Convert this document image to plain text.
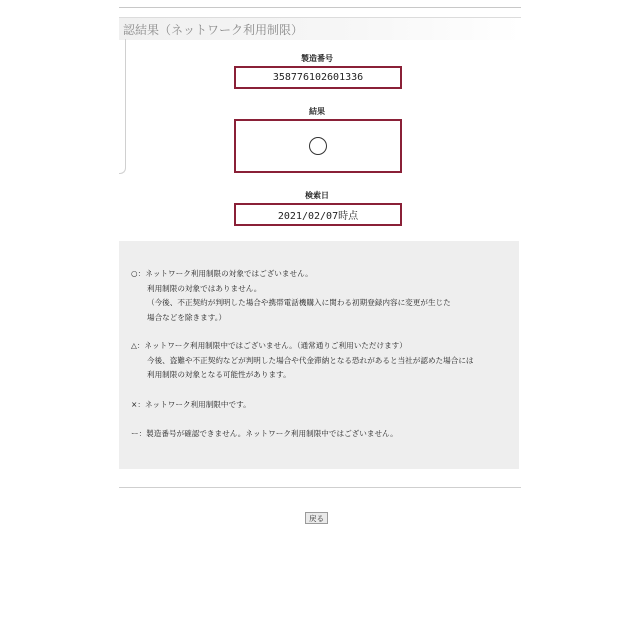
認結果（ネットワーク利用制限）
製造番号
358776102601336
結果
検索日
2021/02/07時点
○：ネットワーク利用制限の対象ではございません。
利用制限の対象ではありません。
（今後、不正契約が判明した場合や携帯電話機購入に関わる初期登録内容に変更が生じた
場合などを除きます。）
△：ネットワーク利用制限中ではございません。（通常通りご利用いただけます）
今後、盗難や不正契約などが判明した場合や代金滞納となる恐れがあると当社が認めた場合には
利用制限の対象となる可能性があります。
×：ネットワーク利用制限中です。
ー：製造番号が確認できません。ネットワーク利用制限中ではございません。
戻る
